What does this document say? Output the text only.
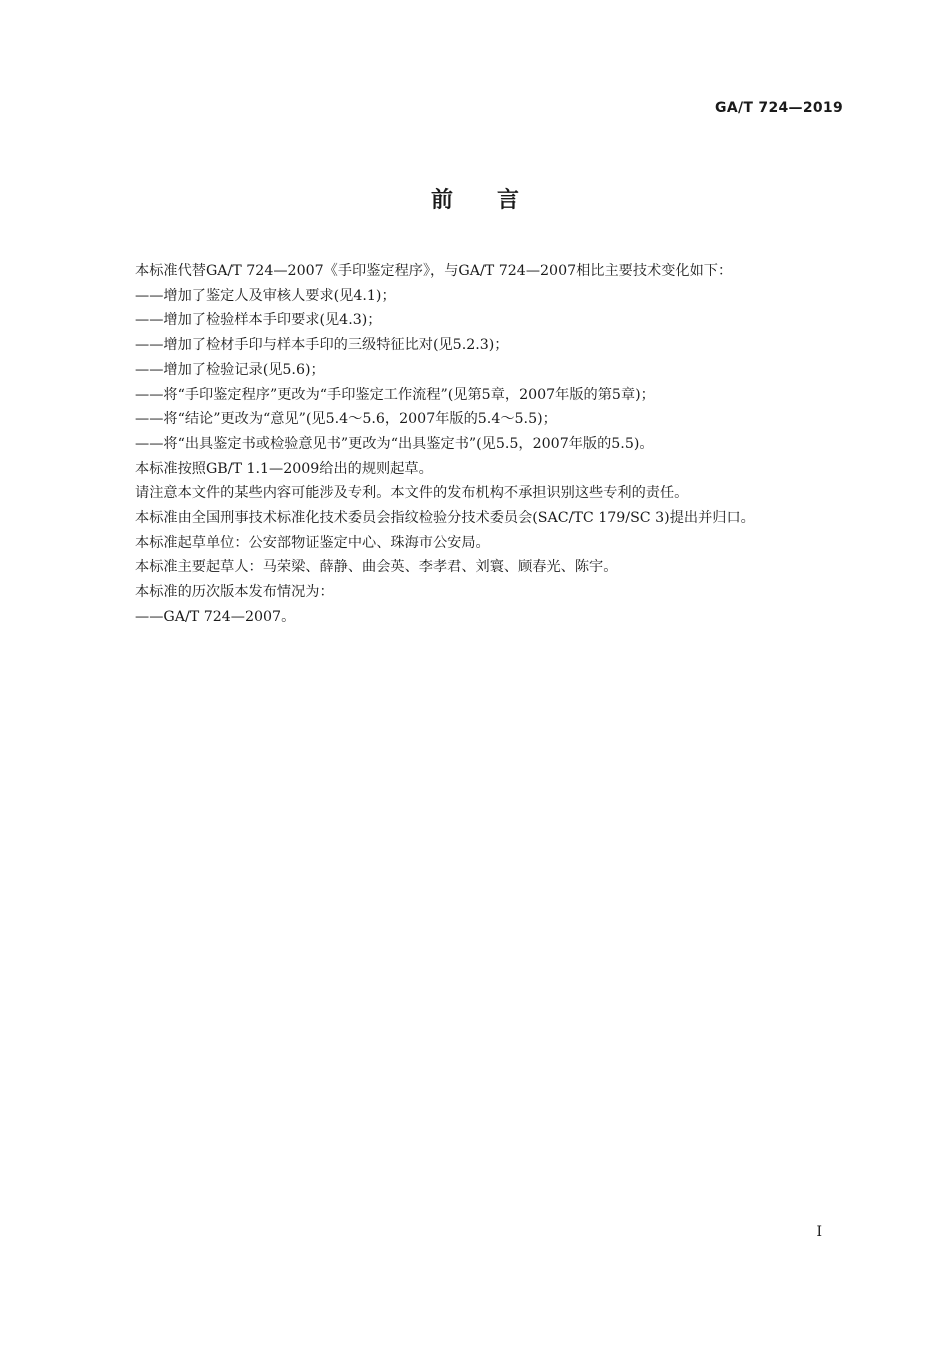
GA/T 724—2019
前言

本标准代替GA/T 724—2007《手印鉴定程序》，与GA/T 724—2007相比主要技术变化如下：

——增加了鉴定人及审核人要求(见4.1)；

——增加了检验样本手印要求(见4.3)；

——增加了检材手印与样本手印的三级特征比对(见5.2.3)；

——增加了检验记录(见5.6)；

——将“手印鉴定程序”更改为“手印鉴定工作流程”(见第5章，2007年版的第5章)；

——将“结论”更改为“意见”(见5.4～5.6，2007年版的5.4～5.5)；

——将“出具鉴定书或检验意见书”更改为“出具鉴定书”(见5.5，2007年版的5.5)。

本标准按照GB/T 1.1—2009给出的规则起草。

请注意本文件的某些内容可能涉及专利。本文件的发布机构不承担识别这些专利的责任。

本标准由全国刑事技术标准化技术委员会指纹检验分技术委员会(SAC/TC 179/SC 3)提出并归口。

本标准起草单位：公安部物证鉴定中心、珠海市公安局。

本标准主要起草人：马荣梁、薛静、曲会英、李孝君、刘寰、顾春光、陈宇。

本标准的历次版本发布情况为：

——GA/T 724—2007。

I
